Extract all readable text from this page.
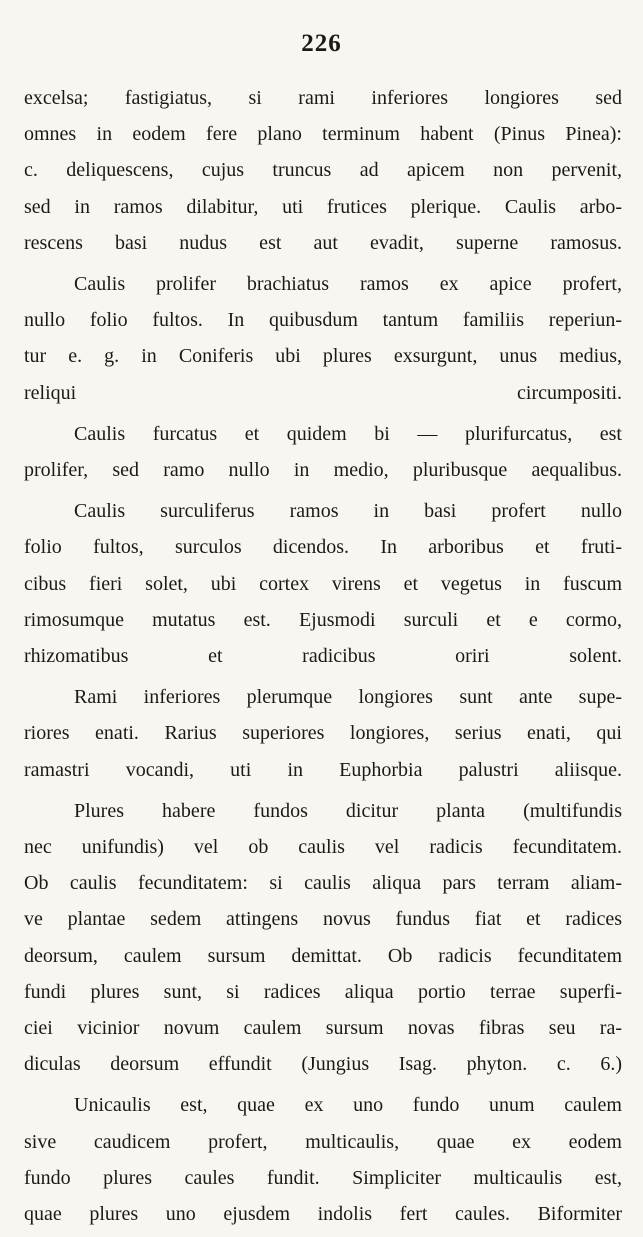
226
excelsa; fastigiatus, si rami inferiores longiores sed
omnes in eodem fere plano terminum habent (Pinus Pinea):
c. deliquescens, cujus truncus ad apicem non pervenit,
sed in ramos dilabitur, uti frutices plerique. Caulis arbo-
rescens basi nudus est aut evadit, superne ramosus.
Caulis prolifer brachiatus ramos ex apice profert,
nullo folio fultos. In quibusdum tantum familiis reperiun-
tur e. g. in Coniferis ubi plures exsurgunt, unus medius,
reliqui circumpositi.
Caulis furcatus et quidem bi — plurifurcatus, est
prolifer, sed ramo nullo in medio, pluribusque aequalibus.
Caulis surculiferus ramos in basi profert nullo
folio fultos, surculos dicendos. In arboribus et fruti-
cibus fieri solet, ubi cortex virens et vegetus in fuscum
rimosumque mutatus est. Ejusmodi surculi et e cormo,
rhizomatibus et radicibus oriri solent.
Rami inferiores plerumque longiores sunt ante supe-
riores enati. Rarius superiores longiores, serius enati, qui
ramastri vocandi, uti in Euphorbia palustri aliisque.
Plures habere fundos dicitur planta (multifundis
nec unifundis) vel ob caulis vel radicis fecunditatem.
Ob caulis fecunditatem: si caulis aliqua pars terram aliam-
ve plantae sedem attingens novus fundus fiat et radices
deorsum, caulem sursum demittat. Ob radicis fecunditatem
fundi plures sunt, si radices aliqua portio terrae superfi-
ciei vicinior novum caulem sursum novas fibras seu ra-
diculas deorsum effundit (Jungius Isag. phyton. c. 6.)
Unicaulis est, quae ex uno fundo unum caulem
sive caudicem profert, multicaulis, quae ex eodem
fundo plures caules fundit. Simpliciter multicaulis est,
quae plures uno ejusdem indolis fert caules. Biformiter
